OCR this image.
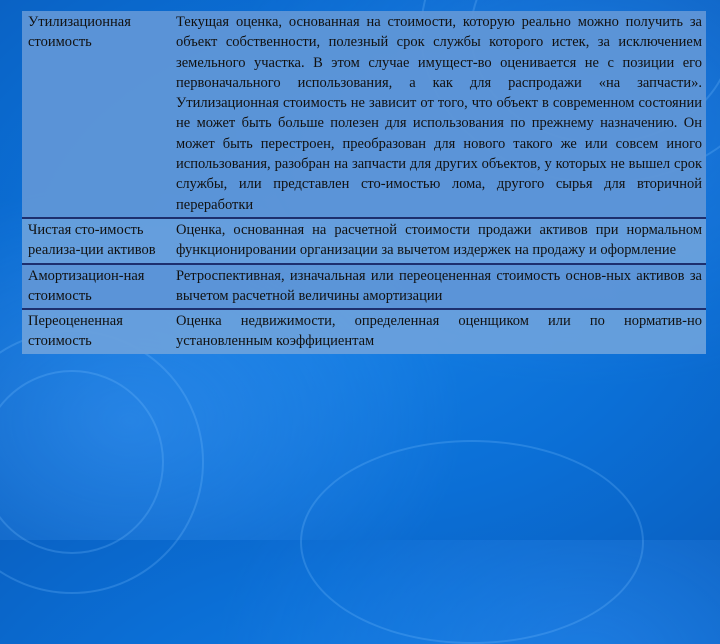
Утилизационная стоимость	Текущая оценка, основанная на стоимости, которую реально можно получить за объект собственности, полезный срок службы которого истек, за исключением земельного участка. В этом случае имущест-во оценивается не с позиции его первоначального использования, а как для распродажи «на запчасти». Утилизационная стоимость не зависит от того, что объект в современном состоянии не может быть больше полезен для использования по прежнему назначению. Он может быть перестроен, преобразован для нового такого же или совсем иного использования, разобран на запчасти для других объектов, у которых не вышел срок службы, или представлен сто-имостью лома, другого сырья для вторичной переработки
Чистая сто-имость реализа-ции активов	Оценка, основанная на расчетной стоимости продажи активов при нормальном функционировании организации за вычетом издержек на продажу и оформление
Амортизацион-ная стоимость	Ретроспективная, изначальная или переоцененная стоимость основ-ных активов за вычетом расчетной величины амортизации
Переоцененная стоимость	Оценка недвижимости, определенная оценщиком или по норматив-но установленным коэффициентам
